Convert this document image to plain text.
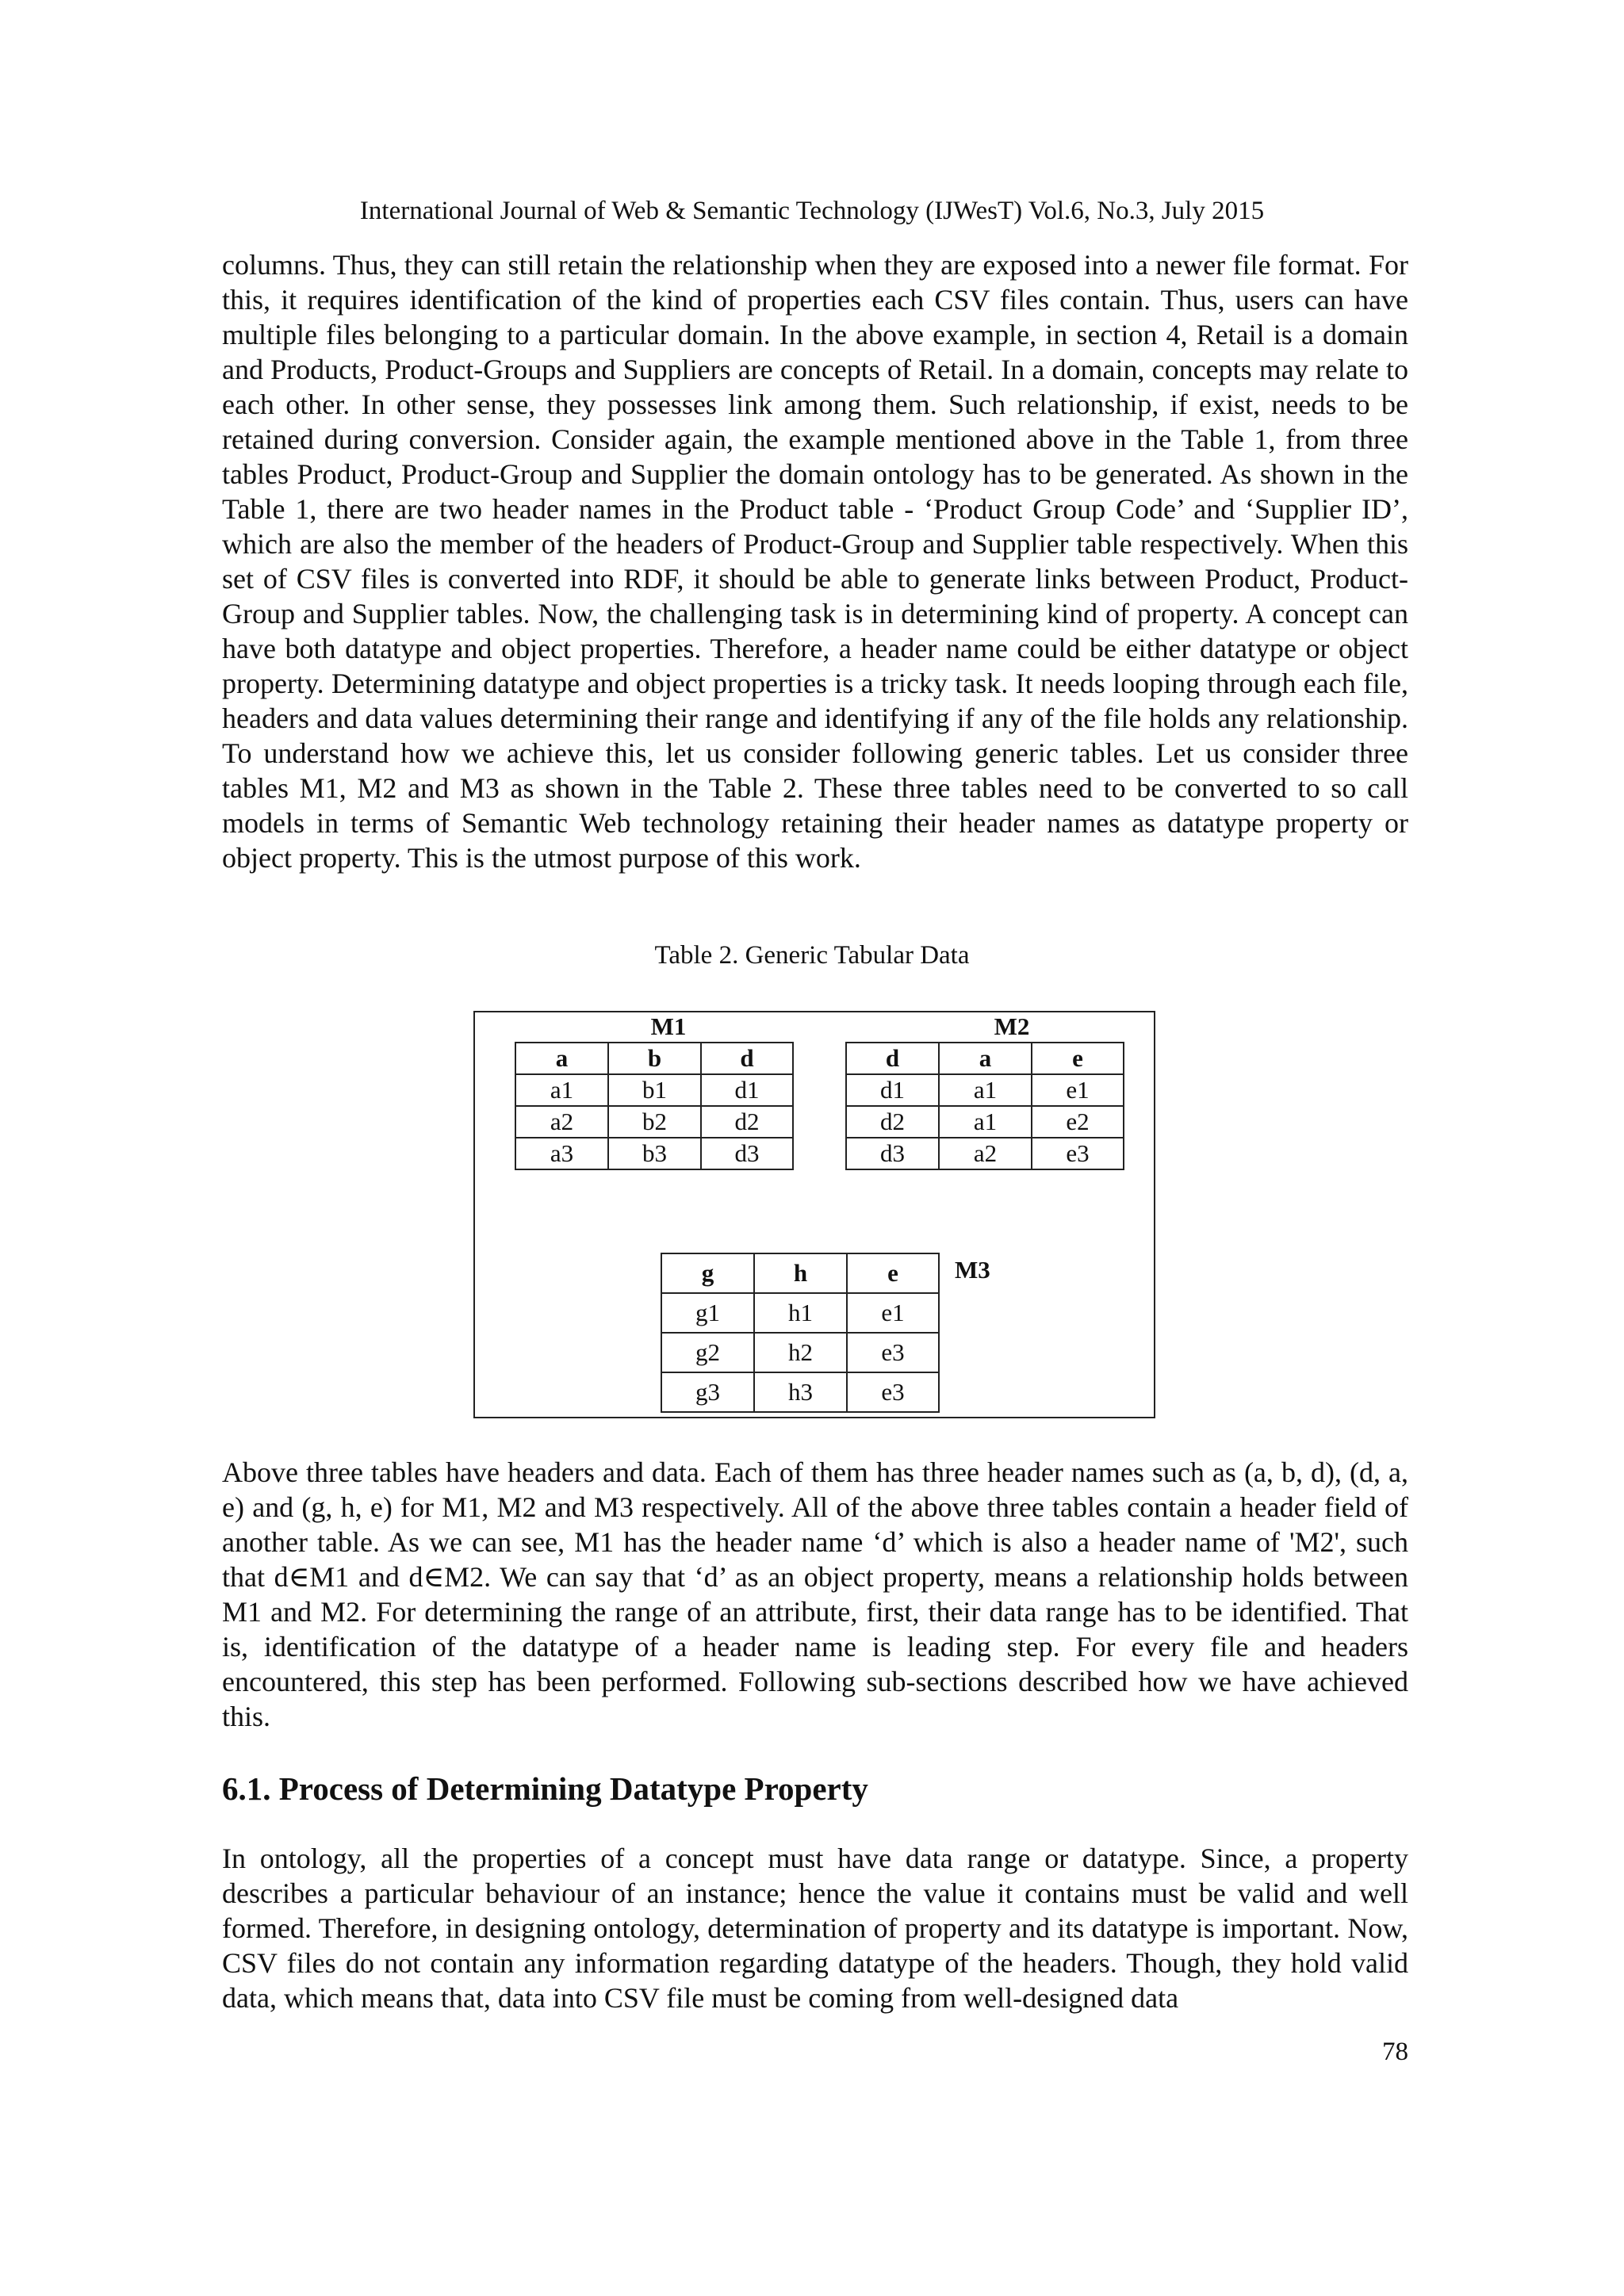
International Journal of Web & Semantic Technology (IJWesT) Vol.6, No.3, July 2015

columns. Thus, they can still retain the relationship when they are exposed into a newer file format. For this, it requires identification of the kind of properties each CSV files contain. Thus, users can have multiple files belonging to a particular domain. In the above example, in section 4, Retail is a domain and Products, Product-Groups and Suppliers are concepts of Retail. In a domain, concepts may relate to each other. In other sense, they possesses link among them. Such relationship, if exist, needs to be retained during conversion. Consider again, the example mentioned above in the Table 1, from three tables Product, Product-Group and Supplier the domain ontology has to be generated. As shown in the Table 1, there are two header names in the Product table - ‘Product Group Code’ and ‘Supplier ID’, which are also the member of the headers of Product-Group and Supplier table respectively. When this set of CSV files is converted into RDF, it should be able to generate links between Product, Product-Group and Supplier tables. Now, the challenging task is in determining kind of property. A concept can have both datatype and object properties. Therefore, a header name could be either datatype or object property. Determining datatype and object properties is a tricky task. It needs looping through each file, headers and data values determining their range and identifying if any of the file holds any relationship. To understand how we achieve this, let us consider following generic tables. Let us consider three tables M1, M2 and M3 as shown in the Table 2. These three tables need to be converted to so call models in terms of Semantic Web technology retaining their header names as datatype property or object property. This is the utmost purpose of this work.

Table 2. Generic Tabular Data
M1
a	b	d
a1	b1	d1
a2	b2	d2
a3	b3	d3
M2
d	a	e
d1	a1	e1
d2	a1	e2
d3	a2	e3
g	h	e
g1	h1	e1
g2	h2	e3
g3	h3	e3
M3

Above three tables have headers and data. Each of them has three header names such as (a, b, d), (d, a, e) and (g, h, e) for M1, M2 and M3 respectively. All of the above three tables contain a header field of another table. As we can see, M1 has the header name ‘d’ which is also a header name of 'M2', such that d∈M1 and d∈M2. We can say that ‘d’ as an object property, means a relationship holds between M1 and M2. For determining the range of an attribute, first, their data range has to be identified. That is, identification of the datatype of a header name is leading step. For every file and headers encountered, this step has been performed. Following sub-sections described how we have achieved this.

6.1. Process of Determining Datatype Property

In ontology, all the properties of a concept must have data range or datatype. Since, a property describes a particular behaviour of an instance; hence the value it contains must be valid and well formed. Therefore, in designing ontology, determination of property and its datatype is important. Now, CSV files do not contain any information regarding datatype of the headers. Though, they hold valid data, which means that, data into CSV file must be coming from well-designed data

78
